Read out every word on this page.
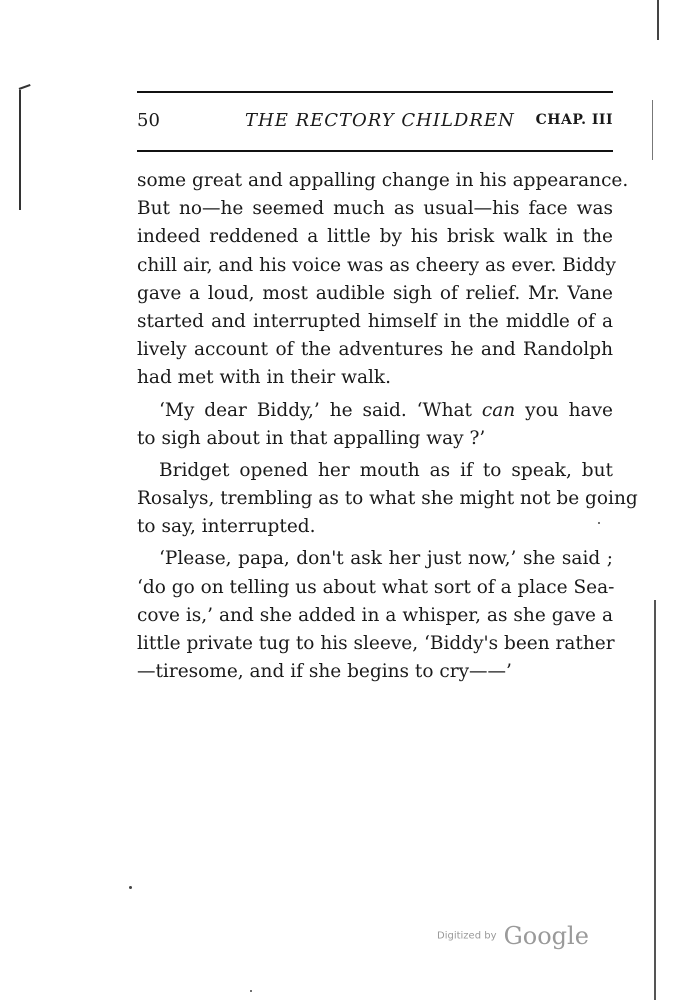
50	THE RECTORY CHILDREN CHAP. III
some great and appalling change in his appearance.
But no—he seemed much as usual—his face was
indeed reddened a little by his brisk walk in the
chill air, and his voice was as cheery as ever. Biddy
gave a loud, most audible sigh of relief. Mr. Vane
started and interrupted himself in the middle of a
lively account of the adventures he and Randolph
had met with in their walk.
‘My dear Biddy,’ he said. ‘What can you have
to sigh about in that appalling way ?’
Bridget opened her mouth as if to speak, but
Rosalys, trembling as to what she might not be going
to say, interrupted.
‘Please, papa, don't ask her just now,’ she said ;
‘do go on telling us about what sort of a place Sea-
cove is,’ and she added in a whisper, as she gave a
little private tug to his sleeve, ‘Biddy's been rather
—tiresome, and if she begins to cry——’
Digitized by Google
